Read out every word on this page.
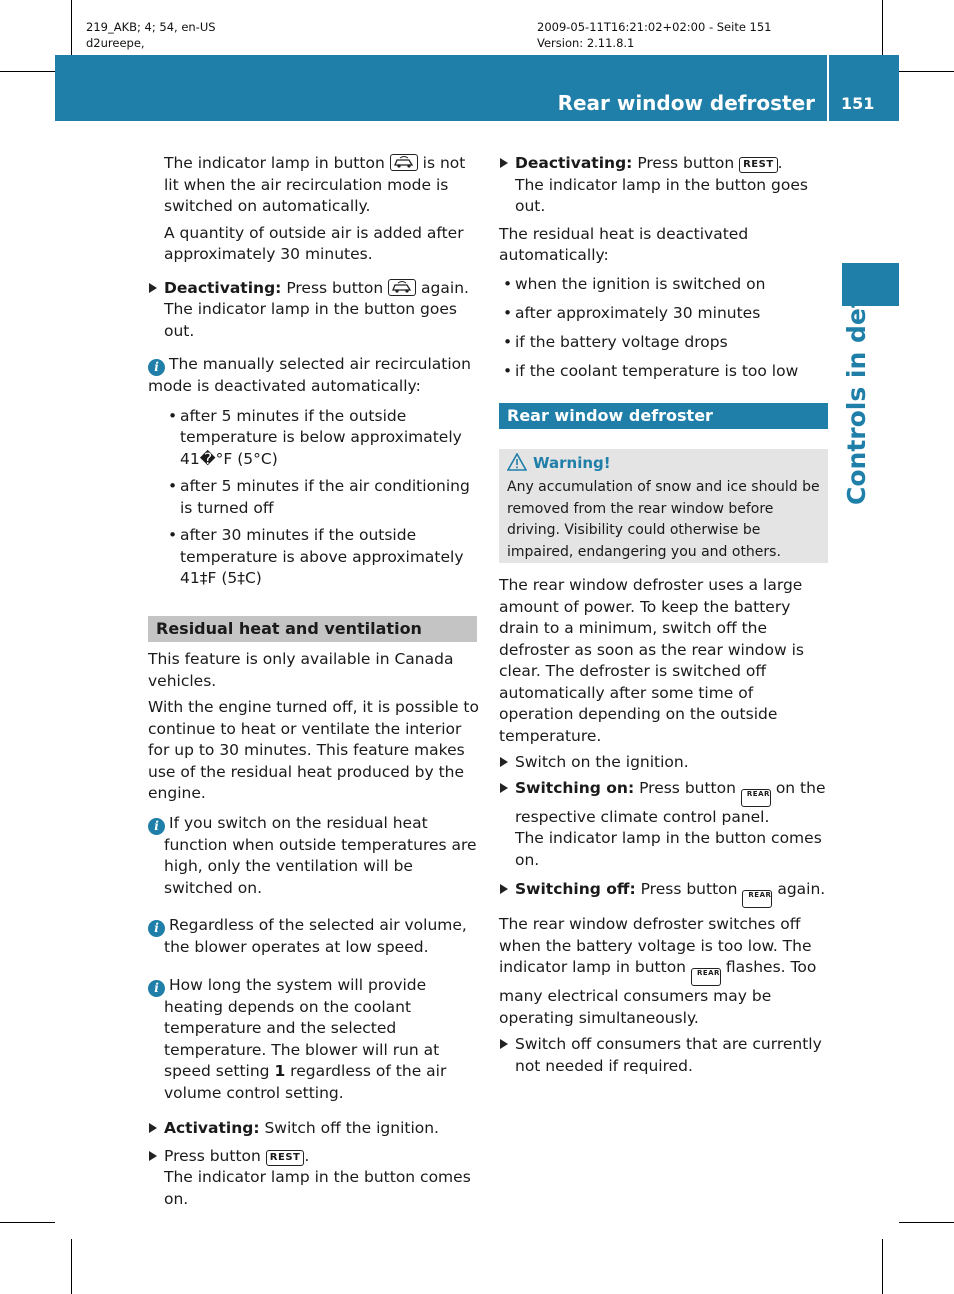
219_AKB; 4; 54, en-US
d2ureepe,
2009-05-11T16:21:02+02:00 - Seite 151
Version: 2.11.8.1
Rear window defroster 151
Controls in detail

The indicator lamp in button is not lit when the air recirculation mode is switched on automatically.

A quantity of outside air is added after approximately 30 minutes.

Deactivating: Press button again.
The indicator lamp in the button goes out.
i The manually selected air recirculation mode is deactivated automatically:
• after 5 minutes if the outside temperature is below approximately 41�°F (5°C)
• after 5 minutes if the air conditioning is turned off
• after 30 minutes if the outside temperature is above approximately 41‡F (5‡C)
Residual heat and ventilation

This feature is only available in Canada vehicles.

With the engine turned off, it is possible to continue to heat or ventilate the interior for up to 30 minutes. This feature makes use of the residual heat produced by the engine.

i If you switch on the residual heat function when outside temperatures are high, only the ventilation will be switched on.
i Regardless of the selected air volume, the blower operates at low speed.
i How long the system will provide heating depends on the coolant temperature and the selected temperature. The blower will run at speed setting 1 regardless of the air volume control setting.
Activating: Switch off the ignition.
Press button REST .
The indicator lamp in the button comes on.
Deactivating: Press button REST .
The indicator lamp in the button goes out.

The residual heat is deactivated automatically:

• when the ignition is switched on
• after approximately 30 minutes
• if the battery voltage drops
• if the coolant temperature is too low
Rear window defroster
Warning!
Any accumulation of snow and ice should be removed from the rear window before driving. Visibility could otherwise be impaired, endangering you and others.

The rear window defroster uses a large amount of power. To keep the battery drain to a minimum, switch off the defroster as soon as the rear window is clear. The defroster is switched off automatically after some time of operation depending on the outside temperature.

Switch on the ignition.
Switching on: Press button REAR on the respective climate control panel.
The indicator lamp in the button comes on.
Switching off: Press button REAR again.

The rear window defroster switches off when the battery voltage is too low. The indicator lamp in button REAR flashes. Too many electrical consumers may be operating simultaneously.

Switch off consumers that are currently not needed if required.
